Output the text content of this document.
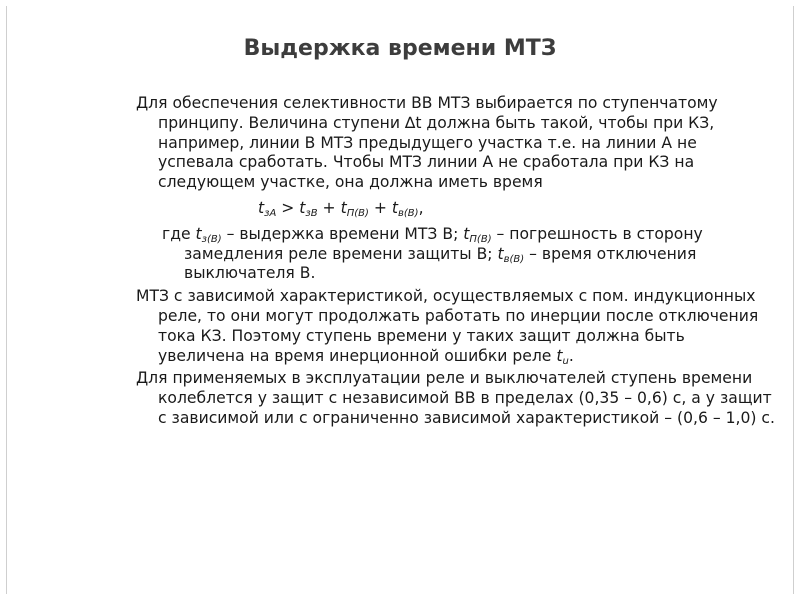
Выдержка времени МТЗ

Для обеспечения селективности ВВ МТЗ выбирается по ступенчатому принципу. Величина ступени ∆t должна быть такой, чтобы при КЗ, например, линии В МТЗ предыдущего участка т.е. на линии А не успевала сработать. Чтобы МТЗ линии А не сработала при КЗ на следующем участке, она должна иметь время

$t_{зА} > t_{зВ} + t_{П(В)} + t_{в(В)}$,

где $t_{з(В)}$ – выдержка времени МТЗ В; $t_{П(В)}$ – погрешность в сторону замедления реле времени защиты В; $t_{в(В)}$ – время отключения выключателя В.

МТЗ с зависимой характеристикой, осуществляемых с пом. индукционных реле, то они могут продолжать работать по инерции после отключения тока КЗ. Поэтому ступень времени у таких защит должна быть увеличена на время инерционной ошибки реле $t_u$.

Для применяемых в эксплуатации реле и выключателей ступень времени колеблется у защит с независимой ВВ в пределах (0,35 – 0,6) с, а у защит с зависимой или с ограниченно зависимой характеристикой – (0,6 – 1,0) с.
